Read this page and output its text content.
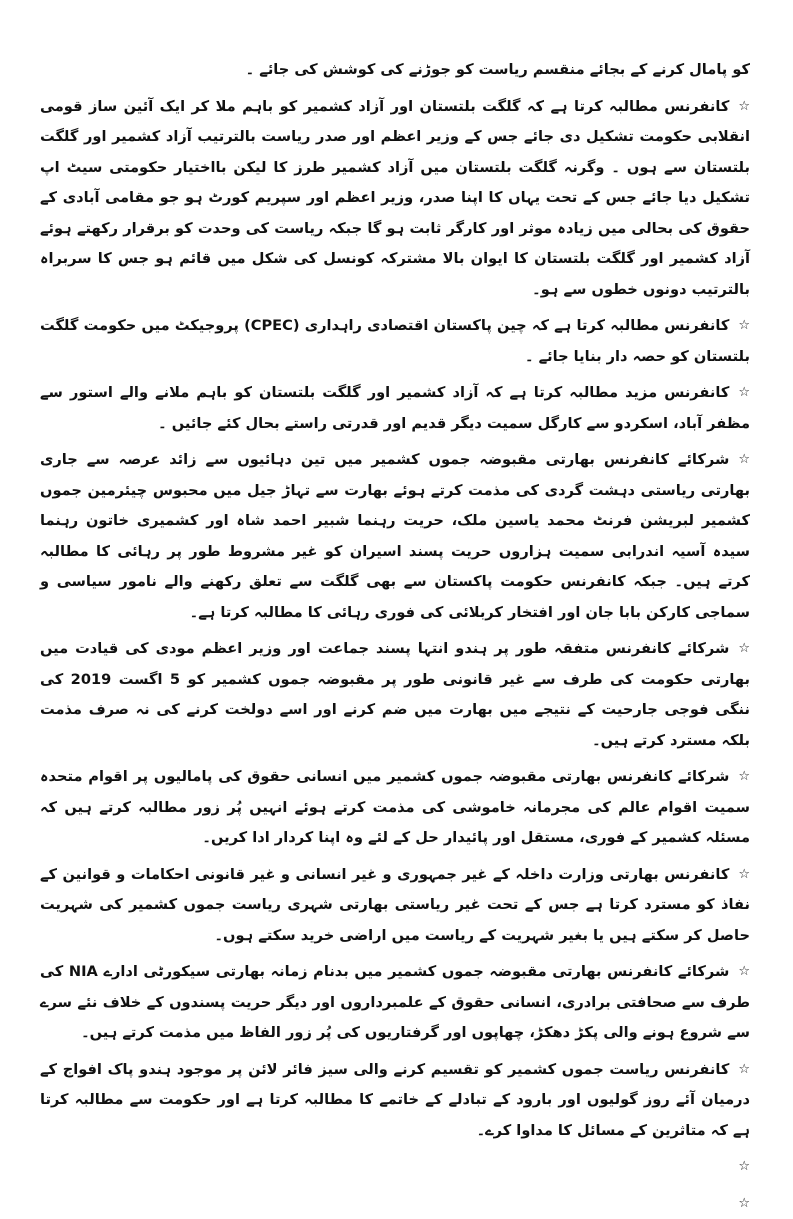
کو پامال کرنے کے بجائے منقسم ریاست کو جوڑنے کی کوشش کی جائے ۔

☆کانفرنس مطالبہ کرتا ہے کہ گلگت بلتستان اور آزاد کشمیر کو باہم ملا کر ایک آئین ساز قومی انقلابی حکومت تشکیل دی جائے جس کے وزیر اعظم اور صدر ریاست بالترتیب آزاد کشمیر اور گلگت بلتستان سے ہوں ۔ وگرنہ گلگت بلتستان میں آزاد کشمیر طرز کا لیکن بااختیار حکومتی سیٹ اپ تشکیل دیا جائے جس کے تحت یہاں کا اپنا صدر، وزیر اعظم اور سپریم کورٹ ہو جو مقامی آبادی کے حقوق کی بحالی میں زیادہ موثر اور کارگر ثابت ہو گا جبکہ ریاست کی وحدت کو برقرار رکھتے ہوئے آزاد کشمیر اور گلگت بلتستان کا ایوان بالا مشترکہ کونسل کی شکل میں قائم ہو جس کا سربراہ بالترتیب دونوں خطوں سے ہو۔

☆کانفرنس مطالبہ کرتا ہے کہ چین پاکستان اقتصادی راہداری (CPEC) پروجیکٹ میں حکومت گلگت بلتستان کو حصہ دار بنایا جائے ۔

☆کانفرنس مزید مطالبہ کرتا ہے کہ آزاد کشمیر اور گلگت بلتستان کو باہم ملانے والے استور سے مظفر آباد، اسکردو سے کارگل سمیت دیگر قدیم اور قدرتی راستے بحال کئے جائیں ۔

☆شرکائے کانفرنس بھارتی مقبوضہ جموں کشمیر میں تین دہائیوں سے زائد عرصہ سے جاری بھارتی ریاستی دہشت گردی کی مذمت کرتے ہوئے بھارت سے تہاڑ جیل میں محبوس چیئرمین جموں کشمیر لبریشن فرنٹ محمد یاسین ملک، حریت رہنما شبیر احمد شاہ اور کشمیری خاتون رہنما سیدہ آسیہ اندرابی سمیت ہزاروں حریت پسند اسیران کو غیر مشروط طور پر رہائی کا مطالبہ کرتے ہیں۔ جبکہ کانفرنس حکومت پاکستان سے بھی گلگت سے تعلق رکھنے والے نامور سیاسی و سماجی کارکن بابا جان اور افتخار کربلائی کی فوری رہائی کا مطالبہ کرتا ہے۔

☆شرکائے کانفرنس متفقہ طور پر ہندو انتہا پسند جماعت اور وزیر اعظم مودی کی قیادت میں بھارتی حکومت کی طرف سے غیر قانونی طور پر مقبوضہ جموں کشمیر کو 5 اگست 2019 کی ننگی فوجی جارحیت کے نتیجے میں بھارت میں ضم کرنے اور اسے دولخت کرنے کی نہ صرف مذمت بلکہ مسترد کرتے ہیں۔

☆شرکائے کانفرنس بھارتی مقبوضہ جموں کشمیر میں انسانی حقوق کی پامالیوں پر اقوام متحدہ سمیت اقوام عالم کی مجرمانہ خاموشی کی مذمت کرتے ہوئے انہیں پُر زور مطالبہ کرتے ہیں کہ مسئلہ کشمیر کے فوری، مستقل اور پائیدار حل کے لئے وہ اپنا کردار ادا کریں۔

☆کانفرنس بھارتی وزارت داخلہ کے غیر جمہوری و غیر انسانی و غیر قانونی احکامات و قوانین کے نفاذ کو مسترد کرتا ہے جس کے تحت غیر ریاستی بھارتی شہری ریاست جموں کشمیر کی شہریت حاصل کر سکتے ہیں یا بغیر شہریت کے ریاست میں اراضی خرید سکتے ہوں۔

☆شرکائے کانفرنس بھارتی مقبوضہ جموں کشمیر میں بدنام زمانہ بھارتی سیکورٹی ادارے NIA کی طرف سے صحافتی برادری، انسانی حقوق کے علمبرداروں اور دیگر حریت پسندوں کے خلاف نئے سرے سے شروع ہونے والی پکڑ دھکڑ، چھاپوں اور گرفتاریوں کی پُر زور الفاظ میں مذمت کرتے ہیں۔

☆کانفرنس ریاست جموں کشمیر کو تقسیم کرنے والی سیز فائر لائن پر موجود ہندو پاک افواج کے درمیان آئے روز گولیوں اور بارود کے تبادلے کے خاتمے کا مطالبہ کرتا ہے اور حکومت سے مطالبہ کرتا ہے کہ متاثرین کے مسائل کا مداوا کرے۔

☆

☆
